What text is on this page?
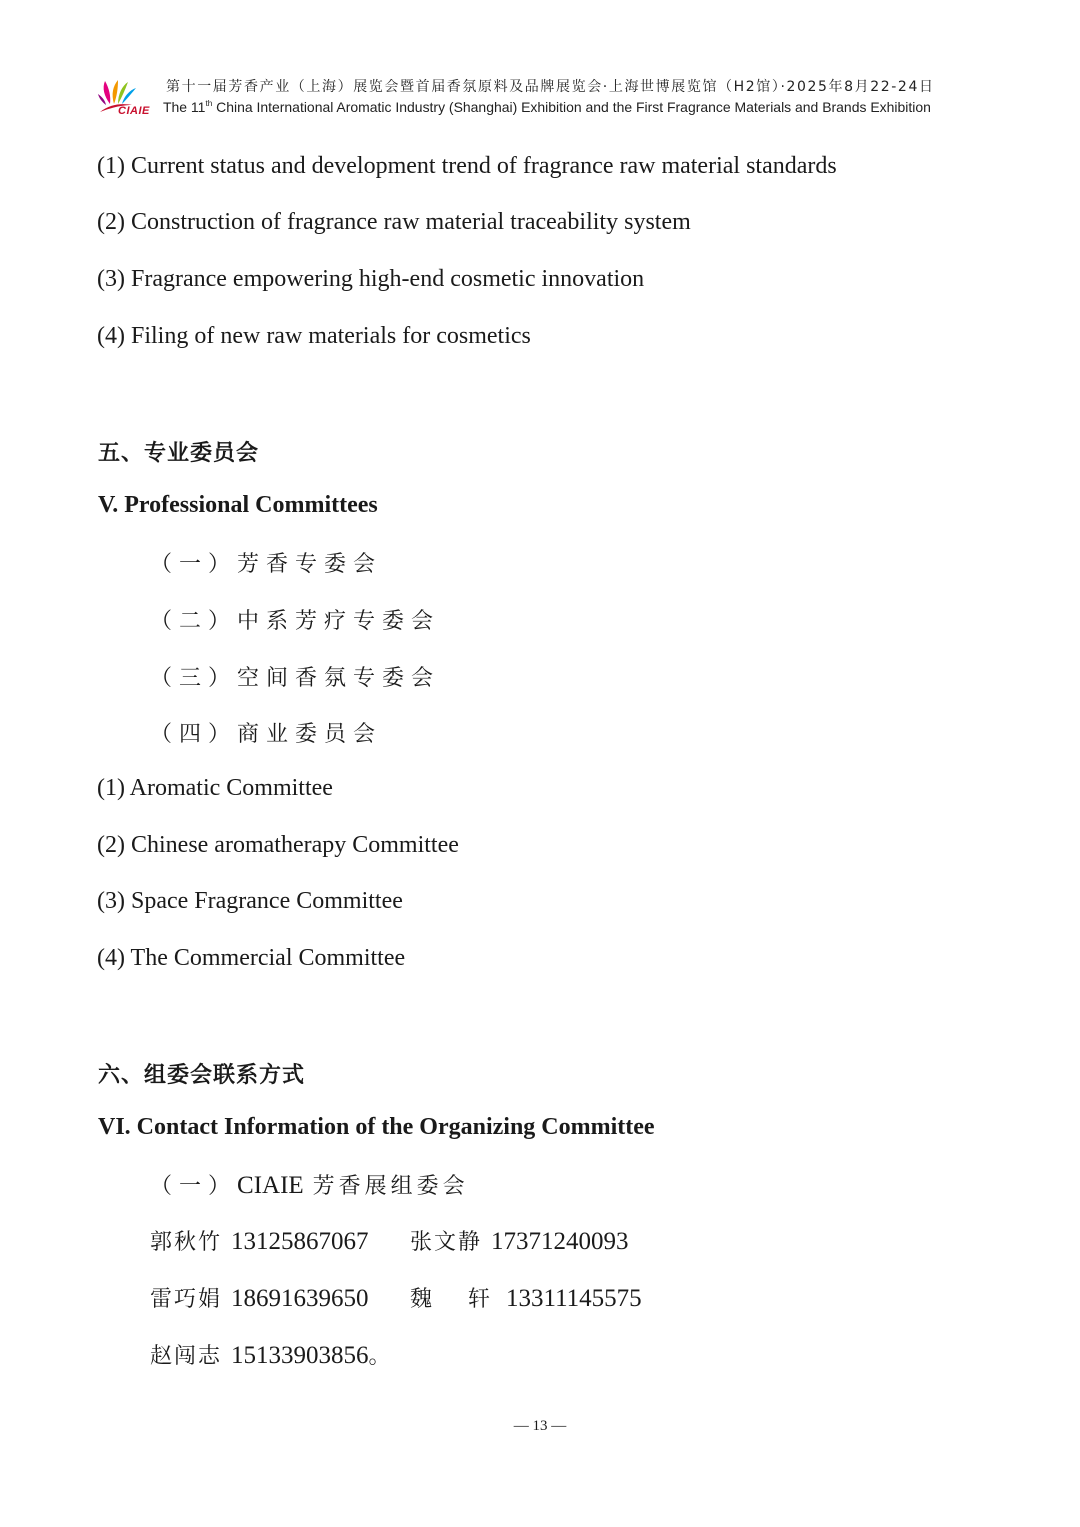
CIAIE
第十一届芳香产业（上海）展览会暨首届香氛原料及品牌展览会·上海世博展览馆（H2馆）·2025年8月22-24日
The 11th China International Aromatic Industry (Shanghai) Exhibition and the First Fragrance Materials and Brands Exhibition
(1) Current status and development trend of fragrance raw material standards
(2) Construction of fragrance raw material traceability system
(3) Fragrance empowering high-end cosmetic innovation
(4) Filing of new raw materials for cosmetics
五、专业委员会
V. Professional Committees
（一）芳香专委会
（二）中系芳疗专委会
（三）空间香氛专委会
（四）商业委员会
(1) Aromatic Committee
(2) Chinese aromatherapy Committee
(3) Space Fragrance Committee
(4) The Commercial Committee
六、组委会联系方式
VI. Contact Information of the Organizing Committee
（一）CIAIE 芳香展组委会
郭秋竹 13125867067 张文静 17371240093
雷巧娟 18691639650 魏　轩 13311145575
赵闯志 15133903856。
— 13 —
